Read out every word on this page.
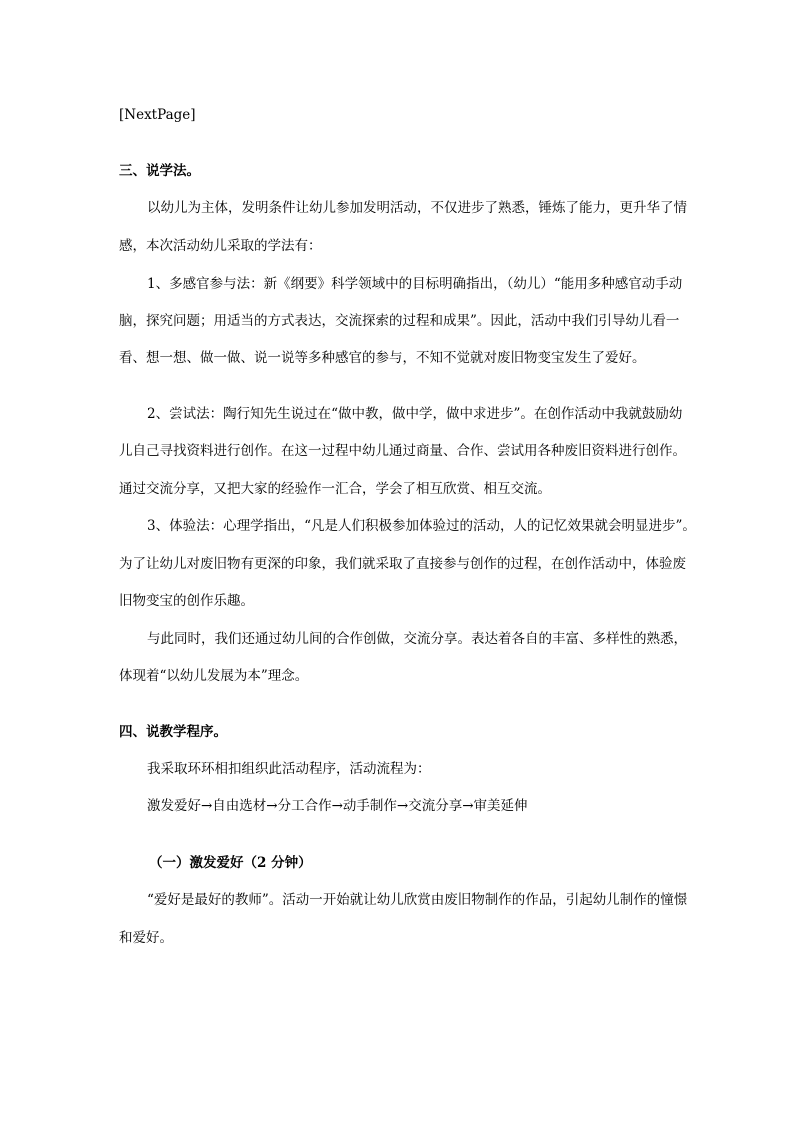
[NextPage]
三、说学法。
以幼儿为主体，发明条件让幼儿参加发明活动，不仅进步了熟悉，锤炼了能力，更升华了情
感，本次活动幼儿采取的学法有：
1、多感官参与法：新《纲要》科学领域中的目标明确指出，（幼儿）“能用多种感官动手动
脑，探究问题；用适当的方式表达，交流探索的过程和成果”。因此，活动中我们引导幼儿看一
看、想一想、做一做、说一说等多种感官的参与，不知不觉就对废旧物变宝发生了爱好。
2、尝试法：陶行知先生说过在“做中教，做中学，做中求进步”。在创作活动中我就鼓励幼
儿自己寻找资料进行创作。在这一过程中幼儿通过商量、合作、尝试用各种废旧资料进行创作。
通过交流分享，又把大家的经验作一汇合，学会了相互欣赏、相互交流。
3、体验法：心理学指出，“凡是人们积极参加体验过的活动，人的记忆效果就会明显进步”。
为了让幼儿对废旧物有更深的印象，我们就采取了直接参与创作的过程，在创作活动中，体验废
旧物变宝的创作乐趣。
与此同时，我们还通过幼儿间的合作创做，交流分享。表达着各自的丰富、多样性的熟悉，
体现着“以幼儿发展为本”理念。
四、说教学程序。
我采取环环相扣组织此活动程序，活动流程为：
激发爱好→自由选材→分工合作→动手制作→交流分享→审美延伸
（一）激发爱好（2 分钟）
“爱好是最好的教师”。活动一开始就让幼儿欣赏由废旧物制作的作品，引起幼儿制作的憧憬
和爱好。
